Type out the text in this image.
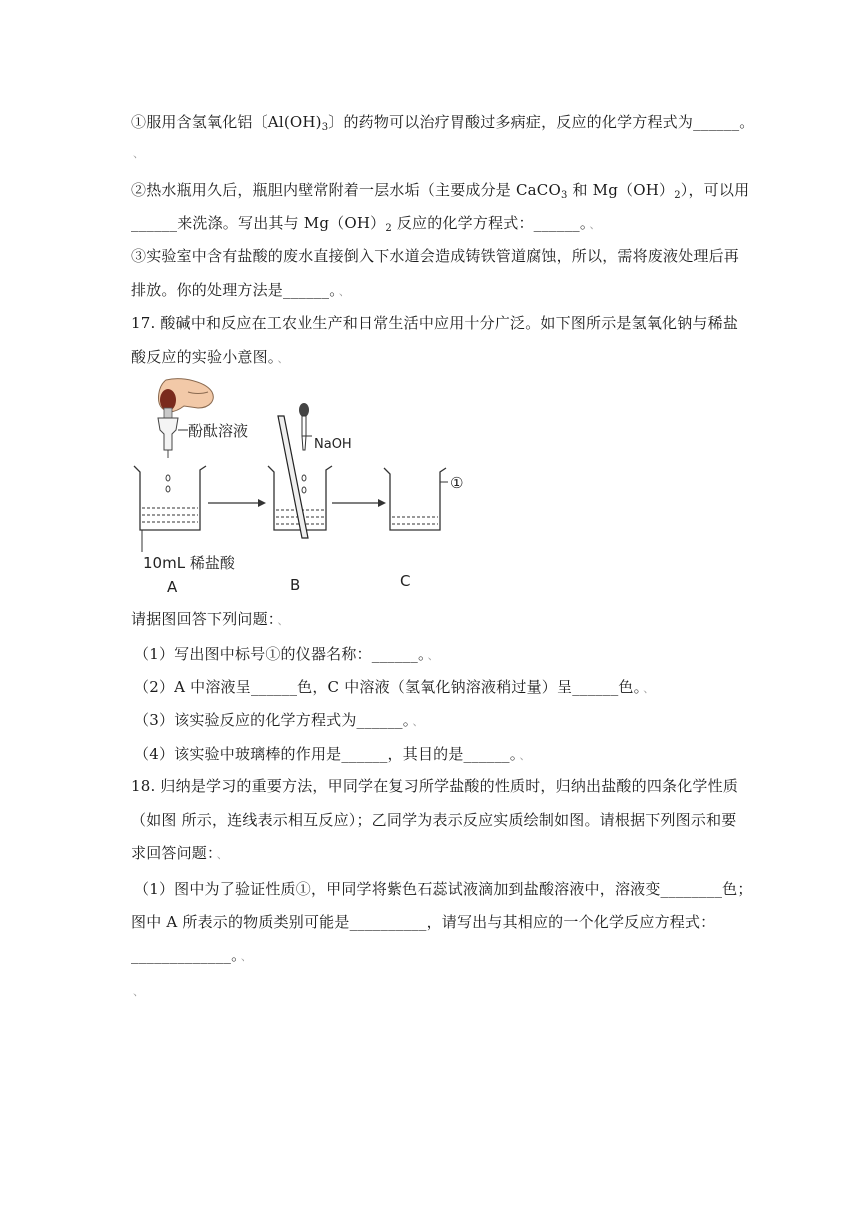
①服用含氢氧化铝〔$Al(OH)_3$〕的药物可以治疗胃酸过多病症，反应的化学方程式为______。
、
②热水瓶用久后，瓶胆内壁常附着一层水垢（主要成分是 CaCO$_3$ 和 $Mg(OH)_2$），可以用
______来洗涤。写出其与 $Mg(OH)_2$ 反应的化学方程式：______。 、
③实验室中含有盐酸的废水直接倒入下水道会造成铸铁管道腐蚀，所以，需将废液处理后再
排放。你的处理方法是______。 、
17. 酸碱中和反应在工农业生产和日常生活中应用十分广泛。如下图所示是氢氧化钠与稀盐
酸反应的实验小意图。 、
酚酞溶液
10mL 稀盐酸
A
NaOH
B
①
C
请据图回答下列问题： 、
（1）写出图中标号①的仪器名称：______。 、
（2）A 中溶液呈______色，C 中溶液（氢氧化钠溶液稍过量）呈______色。 、
（3）该实验反应的化学方程式为______。 、
（4）该实验中玻璃棒的作用是______，其目的是______。 、
18. 归纳是学习的重要方法，甲同学在复习所学盐酸的性质时，归纳出盐酸的四条化学性质
（如图 所示，连线表示相互反应）；乙同学为表示反应实质绘制如图。请根据下列图示和要
求回答问题： 、
（1）图中为了验证性质①，甲同学将紫色石蕊试液滴加到盐酸溶液中，溶液变________色；
图中 A 所表示的物质类别可能是__________，请写出与其相应的一个化学反应方程式：
_____________。 、
、
